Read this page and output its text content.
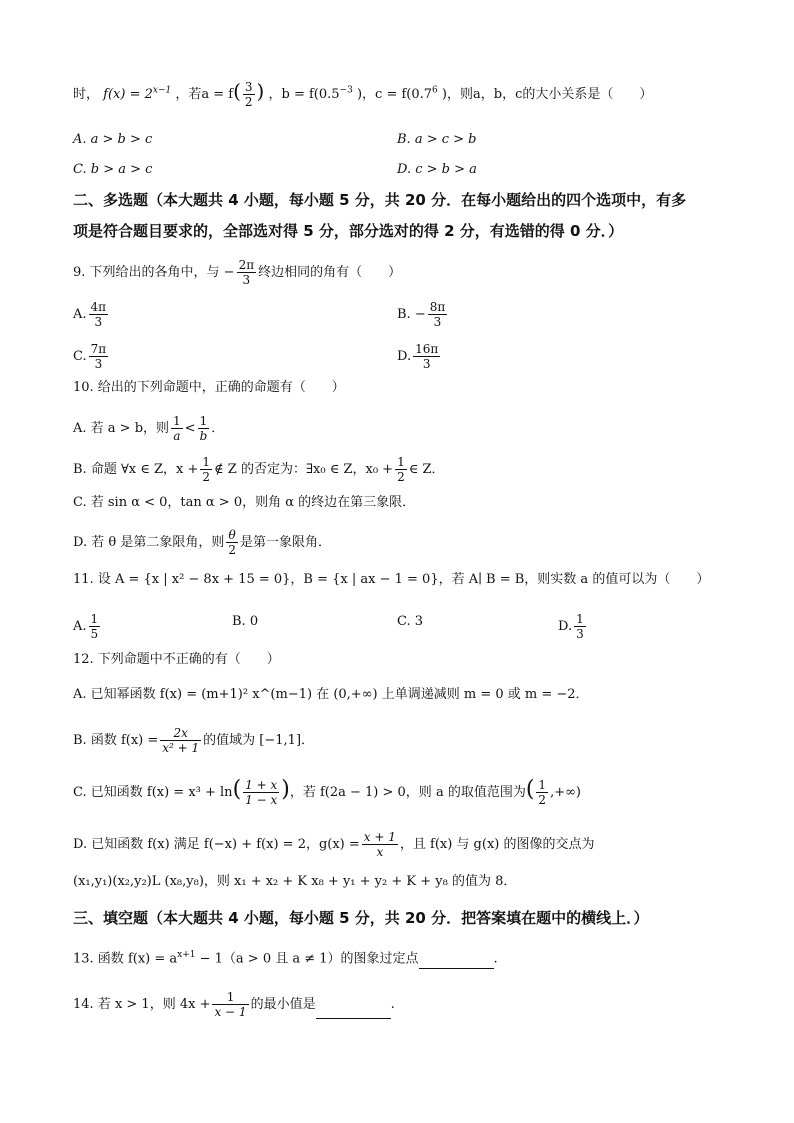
时， $f(x) = 2^{x-1}$ ，若$a = f( \frac{3}{2}$ ) ，$b = f(0.5^{-3}$ )，$c = f(0.7^6$ )，则a，b，c的大小关系是（　　）
A. a > b > c	B. a > c > b
C. b > a > c	D. c > b > a
二、多选题（本大题共 4 小题，每小题 5 分，共 20 分．在每小题给出的四个选项中，有多
项是符合题目要求的，全部选对得 5 分，部分选对的得 2 分，有选错的得 0 分．）
9. 下列给出的各角中，与 − $\frac{2\pi}{3}$ 终边相同的角有（　　）
A. $\frac{4\pi}{3}$	B. − $\frac{8\pi}{3}$
C. $\frac{7\pi}{3}$	D. $\frac{16\pi}{3}$
10. 给出的下列命题中，正确的命题有（　　）
A. 若 a > b，则 $\frac{1}{a} < \frac{1}{b}$ ．
B. 命题 ∀x ∈ Z，$x + \frac{1}{2}$ ∉ Z 的否定为：∃x₀ ∈ Z，$x_0 + \frac{1}{2}$ ∈ Z．
C. 若 sin α < 0，tan α > 0，则角 α 的终边在第三象限．
D. 若 θ 是第二象限角，则 $\frac{\theta}{2}$ 是第一象限角．
11. 设 A = {x | x² − 8x + 15 = 0}，B = {x | ax − 1 = 0}，若 A∣ B = B，则实数 a 的值可以为（　　）
A. $\frac{1}{5}$	B. 0	C. 3	D. $\frac{1}{3}$
12. 下列命题中不正确的有（　　）
A. 已知幂函数 f(x) = (m+1)² x^(m−1) 在 (0,+∞) 上单调递减则 m = 0 或 m = −2．
B. 函数 $f(x) = \frac{2x}{\text{x² + 1}}$ 的值域为 [−1,1]．
C. 已知函数 $f(x) = x^3 + \ln( \frac{1 + x}{1 - x}$ )，若 f(2a − 1) > 0，则 a 的取值范围为( $\frac{1}{2}$ ,+∞)
D. 已知函数 f(x) 满足 f(−x) + f(x) = 2，$g(x) = \frac{x + 1}{x}$ ，且 f(x) 与 g(x) 的图像的交点为
(x₁,y₁)(x₂,y₂)L (x₈,y₈)，则 x₁ + x₂ + K x₈ + y₁ + y₂ + K + y₈ 的值为 8．
三、填空题（本大题共 4 小题，每小题 5 分，共 20 分．把答案填在题中的横线上．）
13. 函数 $f(x) = a^{x+1} - 1(a > 0$ 且 a ≠ 1）的图象过定点	.
14. 若 x > 1，则 $4x + \frac{1}{x - 1}$ 的最小值是	.
